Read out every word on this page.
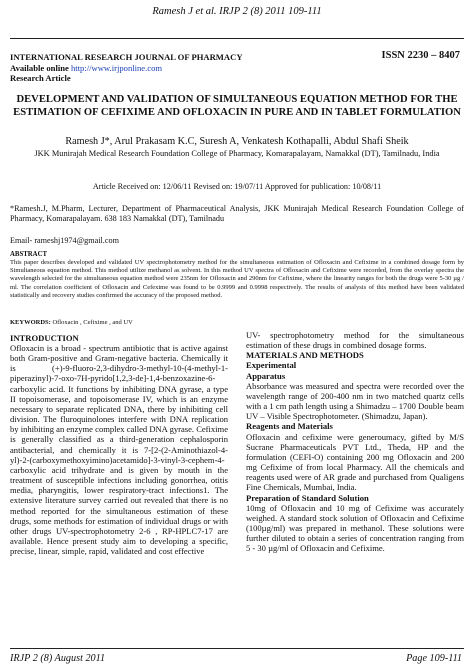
Ramesh J et al. IRJP 2 (8) 2011 109-111
INTERNATIONAL RESEARCH JOURNAL OF PHARMACY	ISSN 2230 – 8407
Available online http://www.irjponline.com
Research Article
DEVELOPMENT AND VALIDATION OF SIMULTANEOUS EQUATION METHOD FOR THE ESTIMATION OF CEFIXIME AND OFLOXACIN IN PURE AND IN TABLET FORMULATION
Ramesh J*, Arul Prakasam K.C, Suresh A, Venkatesh Kothapalli, Abdul Shafi Sheik
JKK Munirajah Medical Research Foundation College of Pharmacy, Komarapalayam, Namakkal (DT), Tamilnadu, India
Article Received on: 12/06/11 Revised on: 19/07/11 Approved for publication: 10/08/11
*Ramesh.J, M.Pharm, Lecturer, Department of Pharmaceutical Analysis, JKK Munirajah Medical Research Foundation College of Pharmacy, Komarapalayam. 638 183 Namakkal (DT), Tamilnadu
Email- rameshj1974@gmail.com
ABSTRACT
This paper describes developed and validated UV spectrophotometry method for the simultaneous estimation of Ofloxacin and Cefixime in a combined dosage form by Simultaneous equation method. This method utilize methanol as solvent. In this method UV spectra of Ofloxacin and Cefixime were recorded, from the overlay spectra the wavelength selected for the simultaneous equation method were 235nm for Ofloxacin and 290nm for Cefixime, where the linearity ranges for both the drugs were 5-30 µg / ml. The correlation coefficient of Ofloxacin and Cefexime was found to be 0.9999 and 0.9998 respectively. The results of analysis of this method have been validated statistically and recovery studies confirmed the accuracy of the proposed method.
KEYWORDS: Ofloxacin , Cefixime , and UV
INTRODUCTION

Ofloxacin is a broad - spectrum antibiotic that is active against both Gram-positive and Gram-negative bacteria. Chemically it is (+)-9-fluoro-2,3-dihydro-3-methyl-10-(4-methyl-1-piperazinyl)-7-oxo-7H-pyrido[1,2,3-de]-1,4-benzoxazine-6-carboxylic acid. It functions by inhibiting DNA gyrase, a type II topoisomerase, and topoisomerase IV, which is an enzyme necessary to separate replicated DNA, there by inhibiting cell division. The fluroquinolones interfere with DNA replication by inhibiting an enzyme complex called DNA gyrase. Cefixime is generally classified as a third-generation cephalosporin antibacterial, and chemically it is 7-[2-(2-Aminothiazol-4-yl)-2-(carboxymethoxyimino)acetamido]-3-vinyl-3-cephem-4-carboxylic acid trihydrate and is given by mouth in the treatment of susceptible infections including gonorrhea, otitis media, pharyngitis, lower respiratory-tract infections1. The extensive literature survey carried out revealed that there is no method reported for the simultaneous estimation of these drugs, some methods for estimation of individual drugs or with other drugs UV-spectrophotometry 2-6 , RP-HPLC7-17 are available. Hence present study aim to developing a specific, precise, linear, simple, rapid, validated and cost effective

UV- spectrophotometry method for the simultaneous estimation of these drugs in combined dosage forms.

MATERIALS AND METHODS

Experimental

Apparatus

Absorbance was measured and spectra were recorded over the wavelength range of 200-400 nm in two matched quartz cells with a 1 cm path length using a Shimadzu – 1700 Double beam UV – Visible Spectrophotometer. (Shimadzu, Japan).

Reagents and Materials

Ofloxacin and cefixime were generoumacy, gifted by M/S Sucrane Pharmaceuticals PVT Ltd., Theda, HP and the formulation (CEFI-O) containing 200 mg Ofloxacin and 200 mg Cefixime of from local Pharmacy. All the chemicals and reagents used were of AR grade and purchased from Qualigens Fine Chemicals, Mumbai, India.

Preparation of Standard Solution

10mg of Ofloxacin and 10 mg of Cefixime was accurately weighed. A standard stock solution of Ofloxacin and Cefixime (100µg/ml) was prepared in methanol. These solutions were further diluted to obtain a series of concentration ranging from 5 - 30 µg/ml of Ofloxacin and Cefixime.

IRJP 2 (8) August 2011	Page 109-111
